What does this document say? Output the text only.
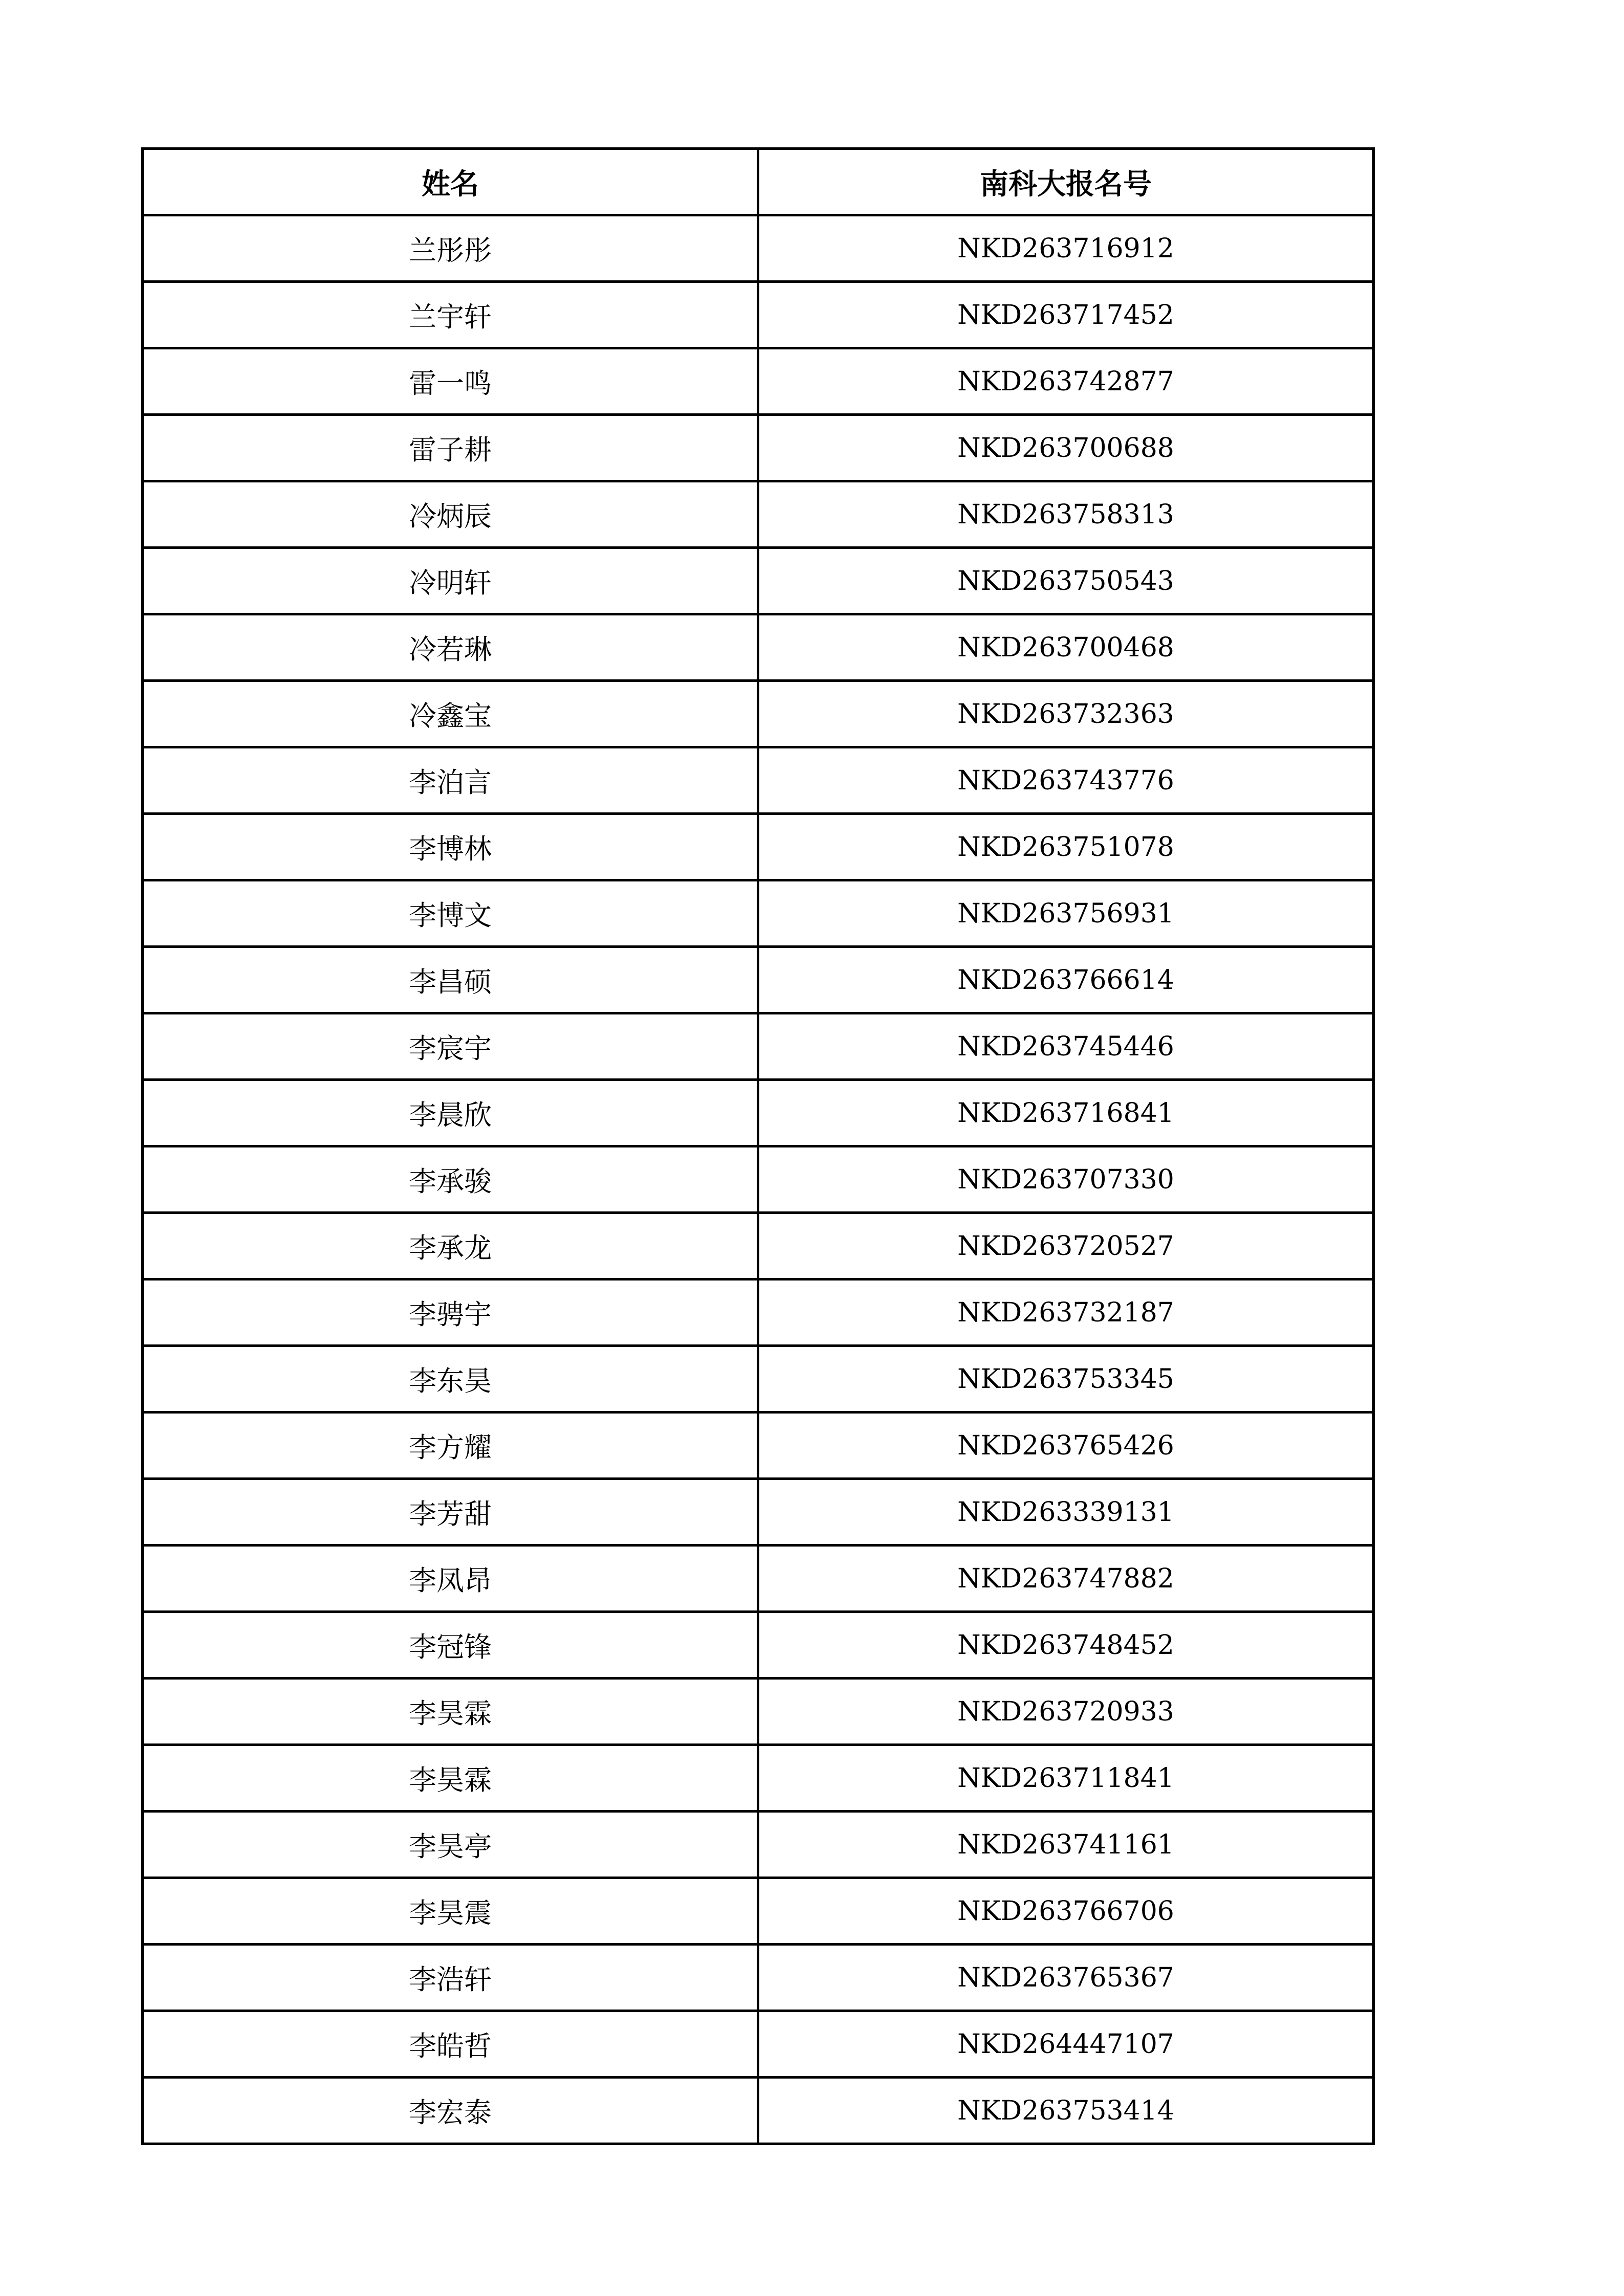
姓名	南科大报名号
兰彤彤	NKD263716912
兰宇轩	NKD263717452
雷一鸣	NKD263742877
雷子耕	NKD263700688
冷炳辰	NKD263758313
冷明轩	NKD263750543
冷若琳	NKD263700468
冷鑫宝	NKD263732363
李泊言	NKD263743776
李博林	NKD263751078
李博文	NKD263756931
李昌硕	NKD263766614
李宸宇	NKD263745446
李晨欣	NKD263716841
李承骏	NKD263707330
李承龙	NKD263720527
李骋宇	NKD263732187
李东昊	NKD263753345
李方耀	NKD263765426
李芳甜	NKD263339131
李凤昂	NKD263747882
李冠锋	NKD263748452
李昊霖	NKD263720933
李昊霖	NKD263711841
李昊亭	NKD263741161
李昊震	NKD263766706
李浩轩	NKD263765367
李皓哲	NKD264447107
李宏泰	NKD263753414
